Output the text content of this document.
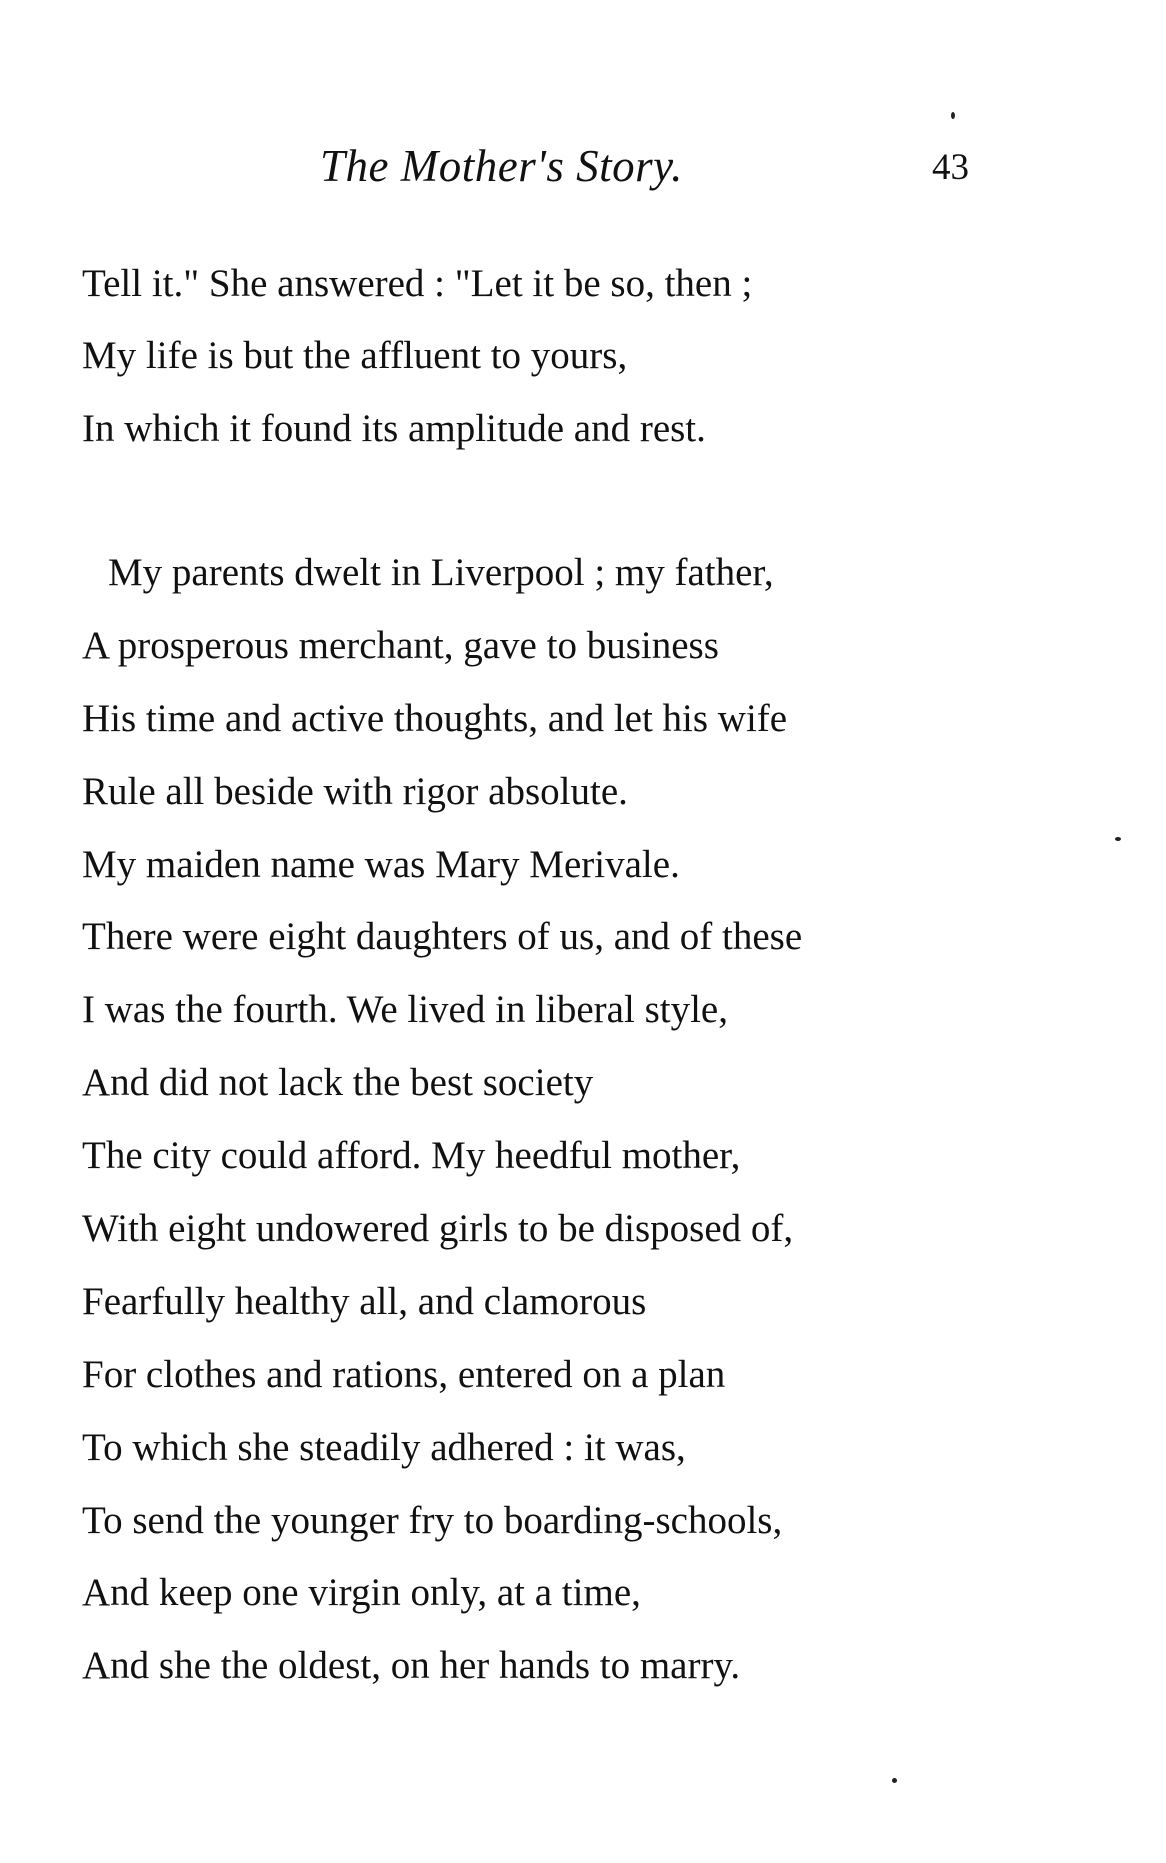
The Mother's Story.	43
Tell it." She answered : "Let it be so, then ;
My life is but the affluent to yours,
In which it found its amplitude and rest.
My parents dwelt in Liverpool ; my father,
A prosperous merchant, gave to business
His time and active thoughts, and let his wife
Rule all beside with rigor absolute.
My maiden name was Mary Merivale.
There were eight daughters of us, and of these
I was the fourth. We lived in liberal style,
And did not lack the best society
The city could afford. My heedful mother,
With eight undowered girls to be disposed of,
Fearfully healthy all, and clamorous
For clothes and rations, entered on a plan
To which she steadily adhered : it was,
To send the younger fry to boarding-schools,
And keep one virgin only, at a time,
And she the oldest, on her hands to marry.
